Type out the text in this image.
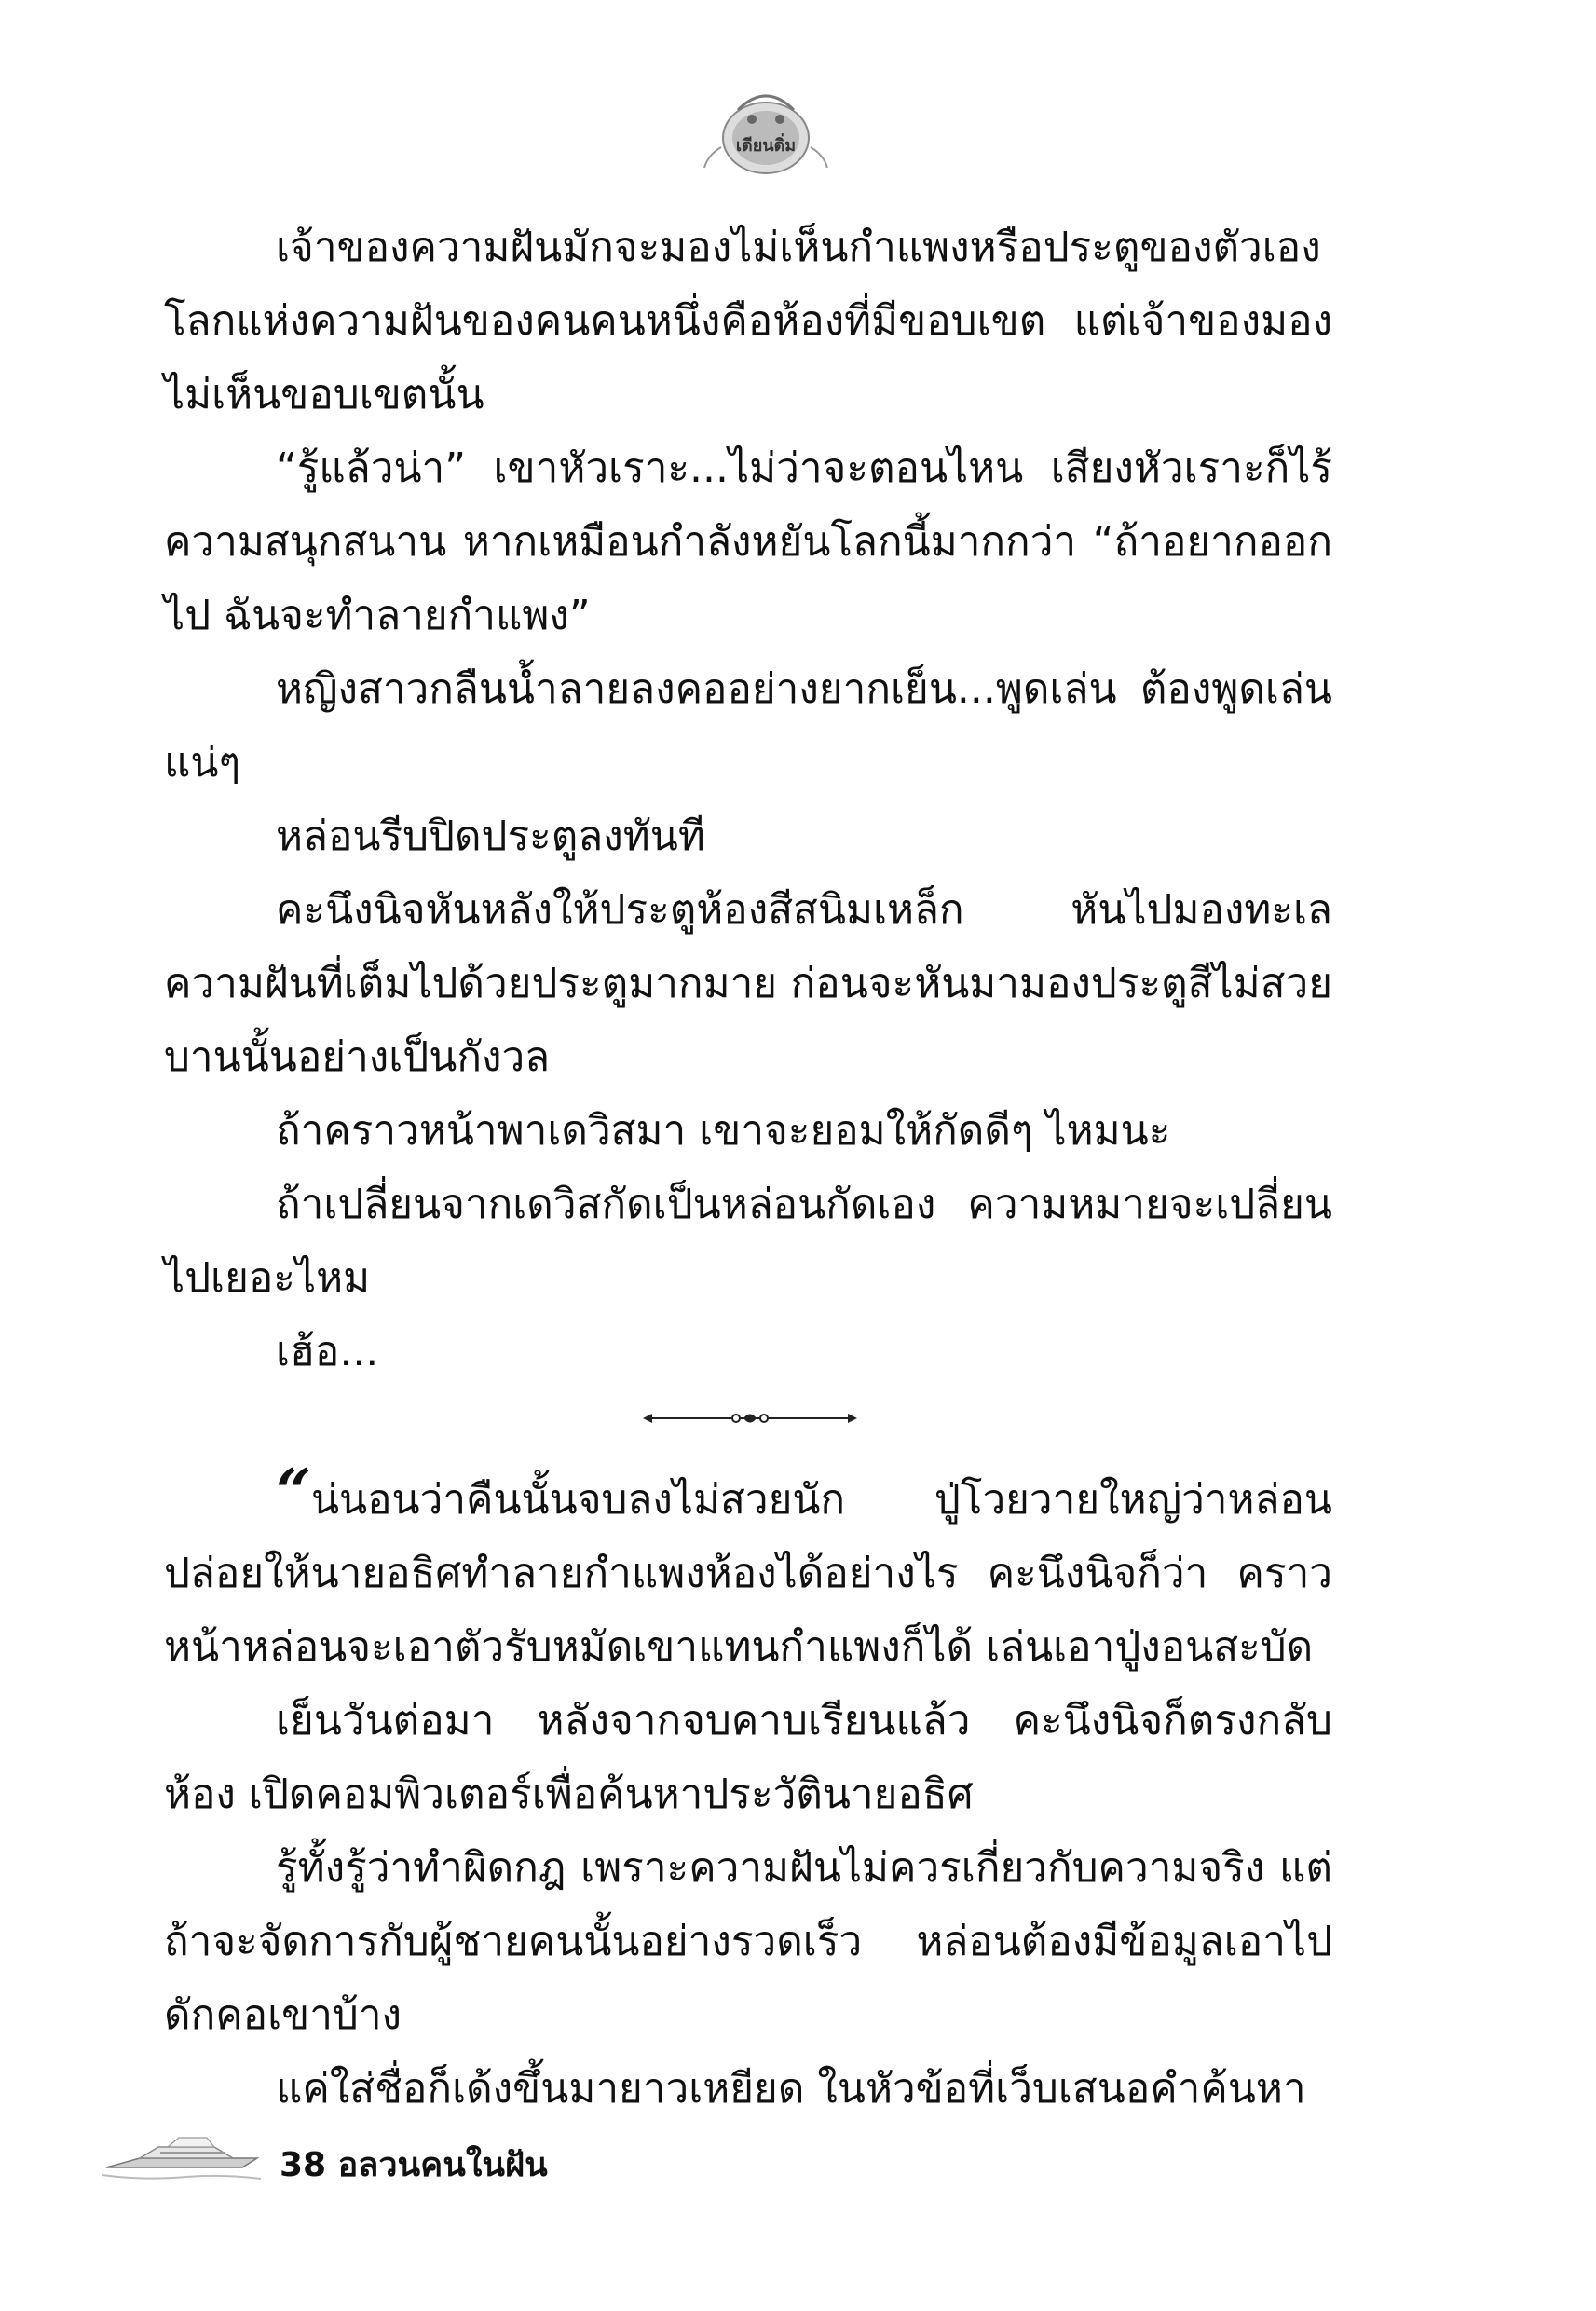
เดียนดิ่ม

เจ้าของความฝันมักจะมองไม่เห็นกำแพงหรือประตูของตัวเอง โลกแห่งความฝันของคนคนหนึ่งคือห้องที่มีขอบเขต แต่เจ้าของมองไม่เห็นขอบเขตนั้น

“รู้แล้วน่า” เขาหัวเราะ...ไม่ว่าจะตอนไหน เสียงหัวเราะก็ไร้ความสนุกสนาน หากเหมือนกำลังหยันโลกนี้มากกว่า “ถ้าอยากออกไป ฉันจะทำลายกำแพง”

หญิงสาวกลืนน้ำลายลงคออย่างยากเย็น...พูดเล่น ต้องพูดเล่นแน่ๆ

หล่อนรีบปิดประตูลงทันที

คะนึงนิจหันหลังให้ประตูห้องสีสนิมเหล็ก หันไปมองทะเลความฝันที่เต็มไปด้วยประตูมากมาย ก่อนจะหันมามองประตูสีไม่สวยบานนั้นอย่างเป็นกังวล

ถ้าคราวหน้าพาเดวิสมา เขาจะยอมให้กัดดีๆ ไหมนะ

ถ้าเปลี่ยนจากเดวิสกัดเป็นหล่อนกัดเอง ความหมายจะเปลี่ยนไปเยอะไหม

เฮ้อ...

“น่นอนว่าคืนนั้นจบลงไม่สวยนัก ปู่โวยวายใหญ่ว่าหล่อนปล่อยให้นายอธิศทำลายกำแพงห้องได้อย่างไร คะนึงนิจก็ว่า คราวหน้าหล่อนจะเอาตัวรับหมัดเขาแทนกำแพงก็ได้ เล่นเอาปู่งอนสะบัด

เย็นวันต่อมา หลังจากจบคาบเรียนแล้ว คะนึงนิจก็ตรงกลับห้อง เปิดคอมพิวเตอร์เพื่อค้นหาประวัตินายอธิศ

รู้ทั้งรู้ว่าทำผิดกฎ เพราะความฝันไม่ควรเกี่ยวกับความจริง แต่ถ้าจะจัดการกับผู้ชายคนนั้นอย่างรวดเร็ว หล่อนต้องมีข้อมูลเอาไปดักคอเขาบ้าง

แค่ใส่ชื่อก็เด้งขึ้นมายาวเหยียด ในหัวข้อที่เว็บเสนอคำค้นหา

38 อลวนคนในฝัน
